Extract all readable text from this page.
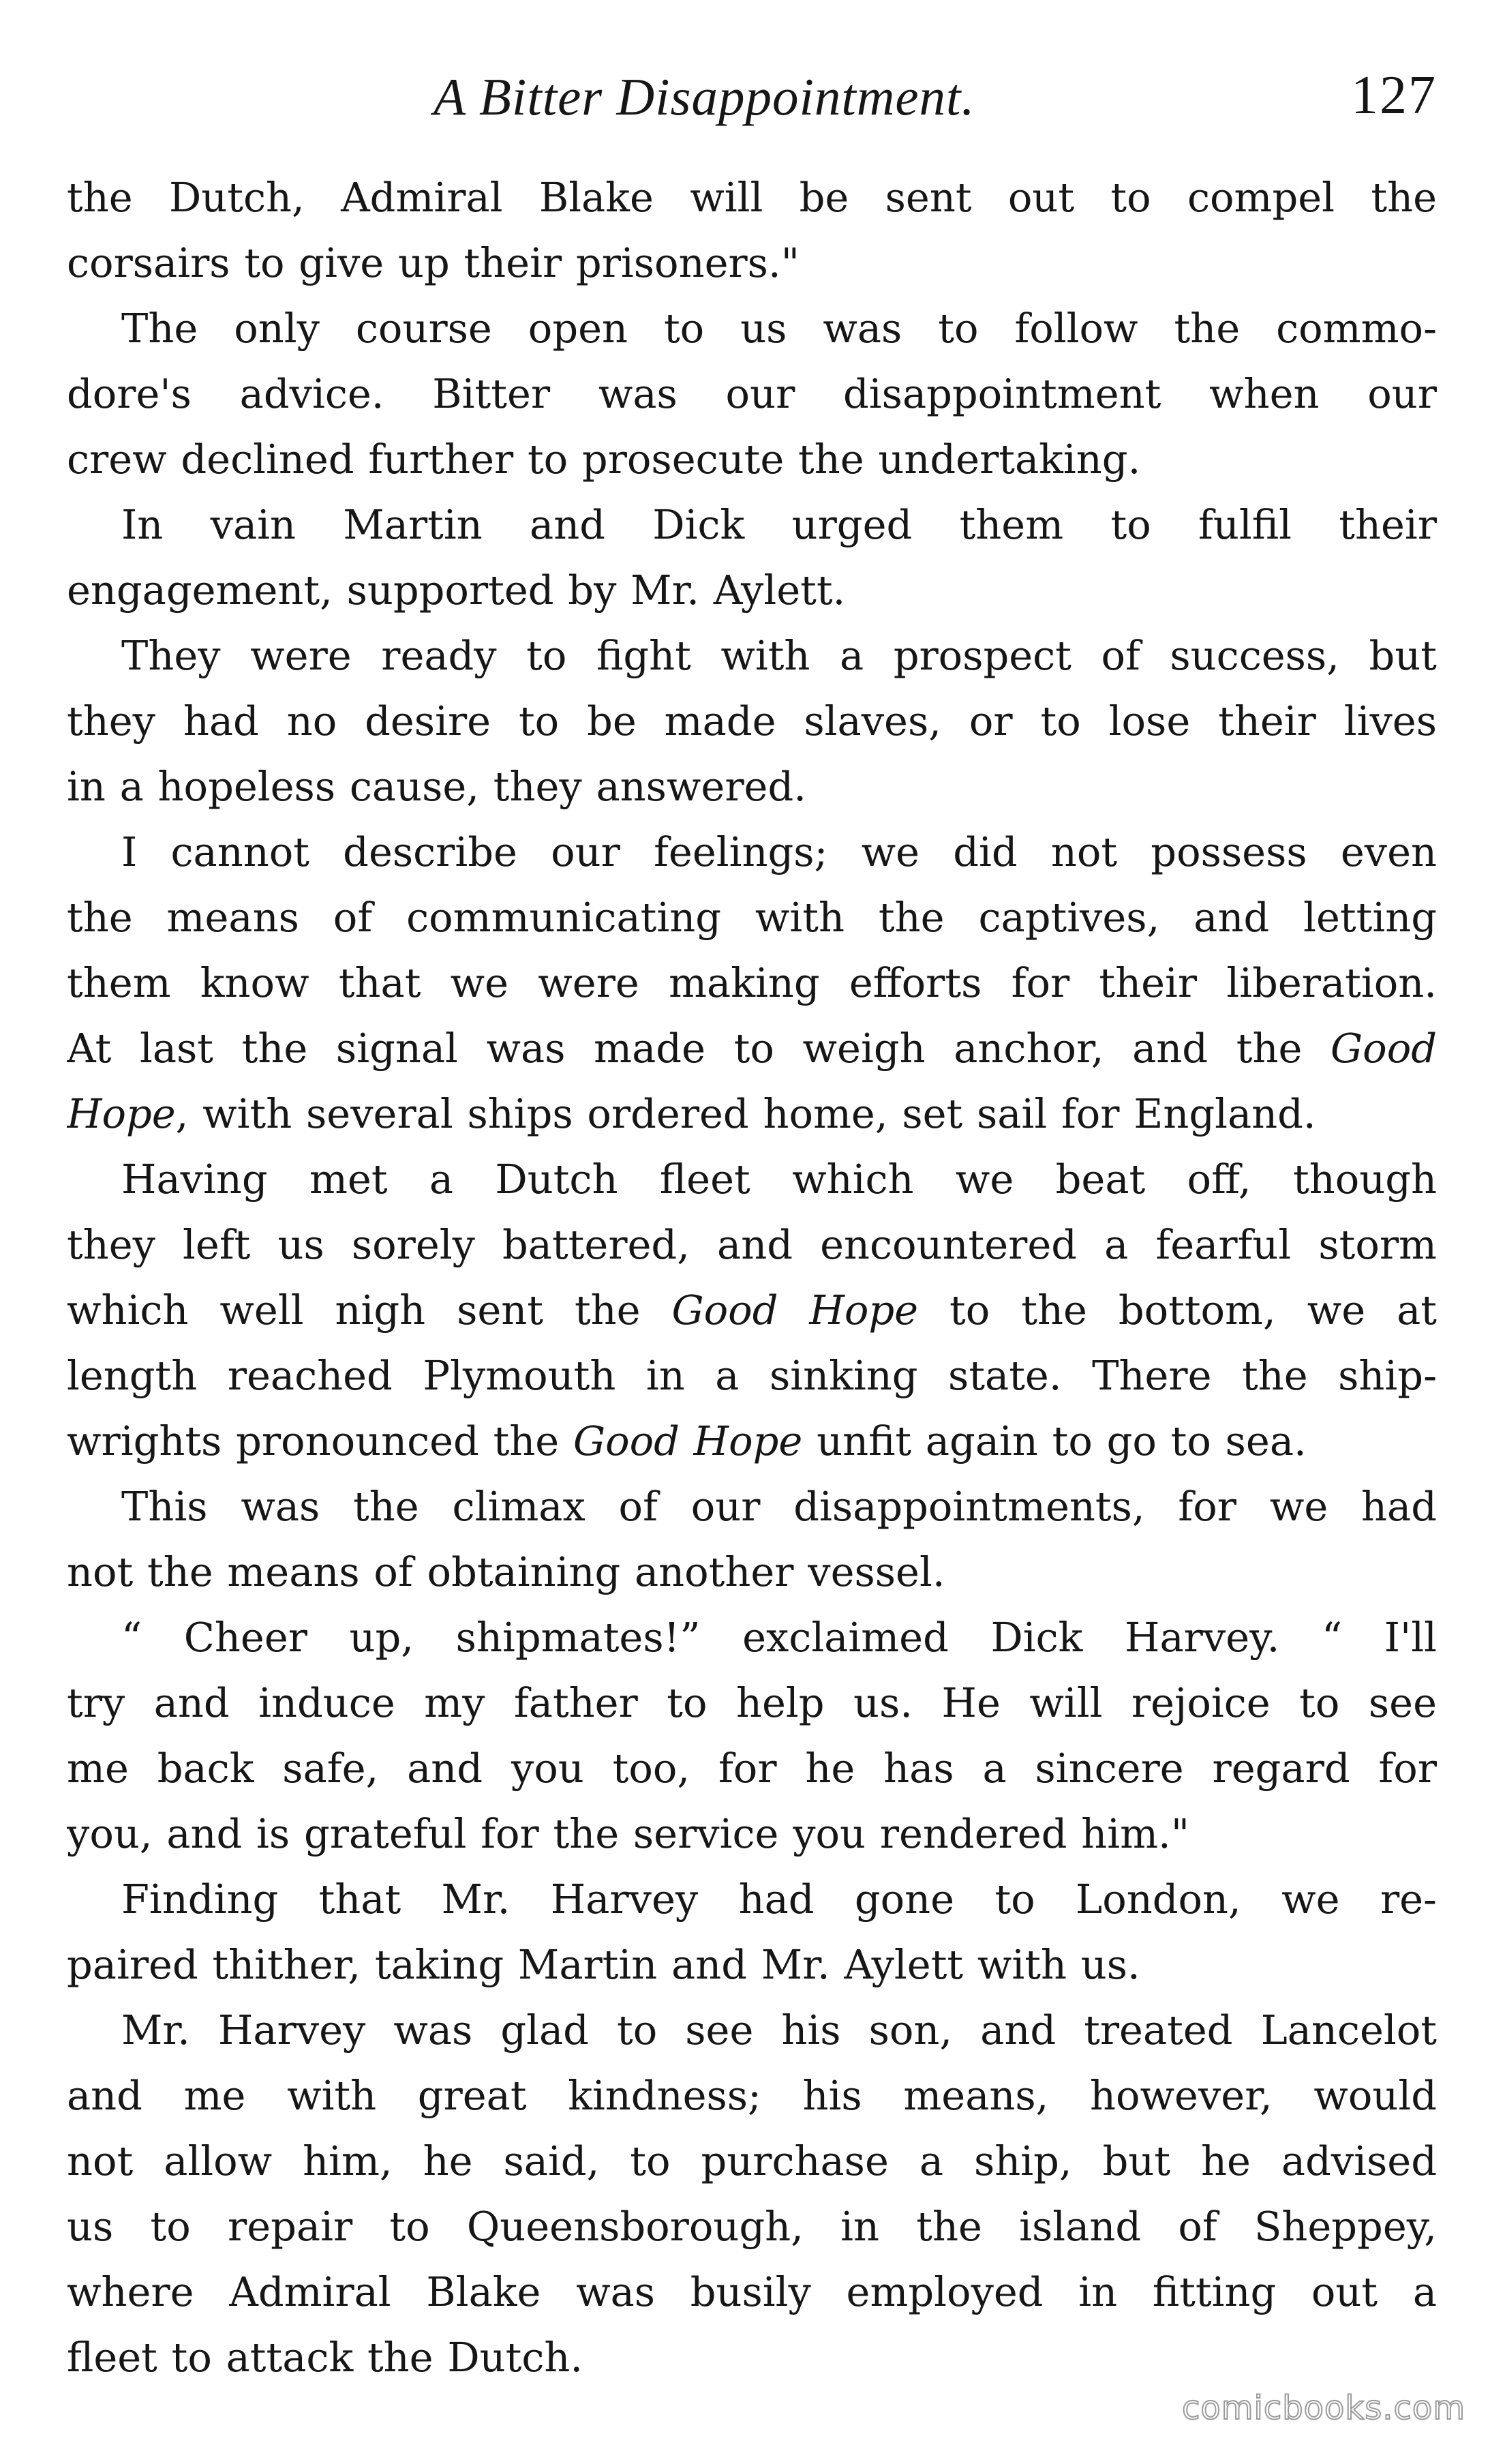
A Bitter Disappointment.	127
the Dutch, Admiral Blake will be sent out to compel the
corsairs to give up their prisoners."
The only course open to us was to follow the commo-
dore's advice. Bitter was our disappointment when our
crew declined further to prosecute the undertaking.
In vain Martin and Dick urged them to fulfil their
engagement, supported by Mr. Aylett.
They were ready to fight with a prospect of success, but
they had no desire to be made slaves, or to lose their lives
in a hopeless cause, they answered.
I cannot describe our feelings; we did not possess even
the means of communicating with the captives, and letting
them know that we were making efforts for their liberation.
At last the signal was made to weigh anchor, and the Good
Hope, with several ships ordered home, set sail for England.
Having met a Dutch fleet which we beat off, though
they left us sorely battered, and encountered a fearful storm
which well nigh sent the Good Hope to the bottom, we at
length reached Plymouth in a sinking state. There the ship-
wrights pronounced the Good Hope unfit again to go to sea.
This was the climax of our disappointments, for we had
not the means of obtaining another vessel.
“ Cheer up, shipmates!” exclaimed Dick Harvey. “ I'll
try and induce my father to help us. He will rejoice to see
me back safe, and you too, for he has a sincere regard for
you, and is grateful for the service you rendered him."
Finding that Mr. Harvey had gone to London, we re-
paired thither, taking Martin and Mr. Aylett with us.
Mr. Harvey was glad to see his son, and treated Lancelot
and me with great kindness; his means, however, would
not allow him, he said, to purchase a ship, but he advised
us to repair to Queensborough, in the island of Sheppey,
where Admiral Blake was busily employed in fitting out a
fleet to attack the Dutch.
comicbooks.com
